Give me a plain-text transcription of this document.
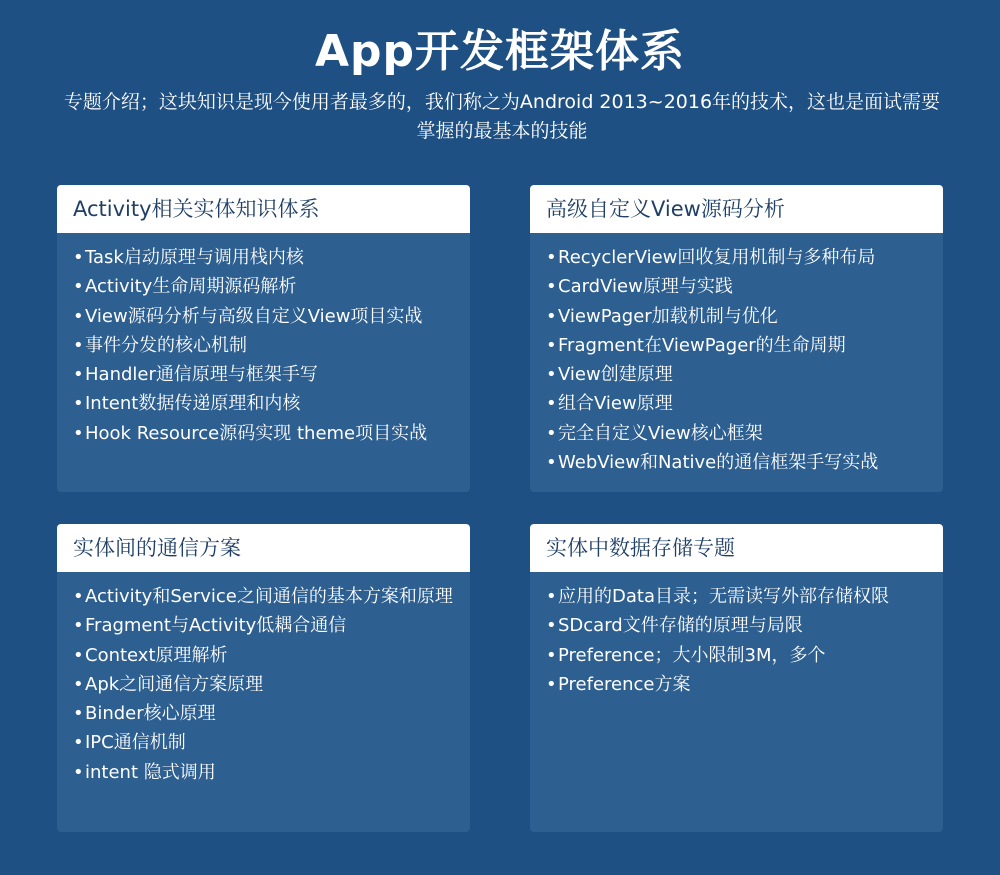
App开发框架体系
专题介绍；这块知识是现今使用者最多的，我们称之为Android 2013~2016年的技术，这也是面试需要掌握的最基本的技能
Activity相关实体知识体系
• Task启动原理与调用栈内核
• Activity生命周期源码解析
• View源码分析与高级自定义View项目实战
• 事件分发的核心机制
• Handler通信原理与框架手写
• Intent数据传递原理和内核
• Hook Resource源码实现 theme项目实战
高级自定义View源码分析
• RecyclerView回收复用机制与多种布局
• CardView原理与实践
• ViewPager加载机制与优化
• Fragment在ViewPager的生命周期
• View创建原理
• 组合View原理
• 完全自定义View核心框架
• WebView和Native的通信框架手写实战
实体间的通信方案
• Activity和Service之间通信的基本方案和原理
• Fragment与Activity低耦合通信
• Context原理解析
• Apk之间通信方案原理
• Binder核心原理
• IPC通信机制
• intent 隐式调用
实体中数据存储专题
• 应用的Data目录；无需读写外部存储权限
• SDcard文件存储的原理与局限
• Preference；大小限制3M，多个
• Preference方案
